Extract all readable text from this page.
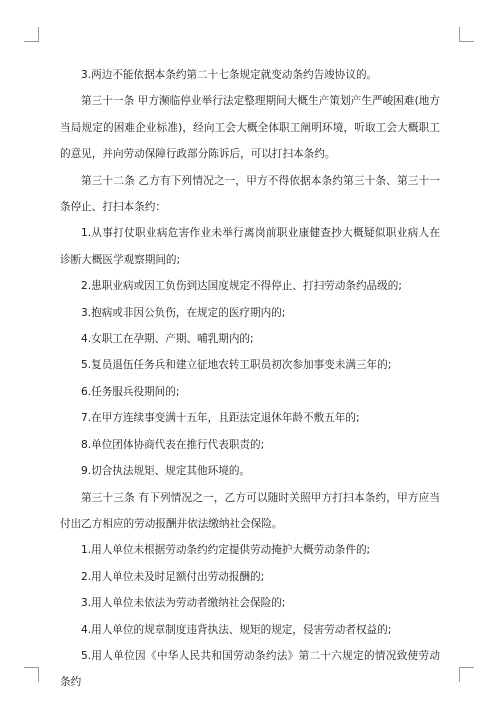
3.两边不能依据本条约第二十七条规定就变动条约告竣协议的。

第三十一条 甲方濒临停业举行法定整理期间大概生产策划产生严峻困难(地方当局规定的困难企业标准)，经向工会大概全体职工阐明环境，听取工会大概职工的意见，并向劳动保障行政部分陈诉后，可以打扫本条约。

第三十二条 乙方有下列情况之一，甲方不得依据本条约第三十条、第三十一条停止、打扫本条约：

1.从事打仗职业病危害作业未举行离岗前职业康健查抄大概疑似职业病人在诊断大概医学观察期间的;

2.患职业病或因工负伤到达国度规定不得停止、打扫劳动条约品级的;

3.抱病或非因公负伤，在规定的医疗期内的;

4.女职工在孕期、产期、哺乳期内的;

5.复员退伍任务兵和建立征地农转工职员初次参加事变未满三年的;

6.任务服兵役期间的;

7.在甲方连续事变满十五年，且距法定退休年龄不敷五年的;

8.单位团体协商代表在推行代表职责的;

9.切合执法规矩、规定其他环境的。

第三十三条 有下列情况之一，乙方可以随时关照甲方打扫本条约，甲方应当付出乙方相应的劳动报酬并依法缴纳社会保险。

1.用人单位未根据劳动条约约定提供劳动掩护大概劳动条件的;

2.用人单位未及时足额付出劳动报酬的;

3.用人单位未依法为劳动者缴纳社会保险的;

4.用人单位的规章制度违背执法、规矩的规定，侵害劳动者权益的;

5.用人单位因《中华人民共和国劳动条约法》第二十六规定的情况致使劳动条约
